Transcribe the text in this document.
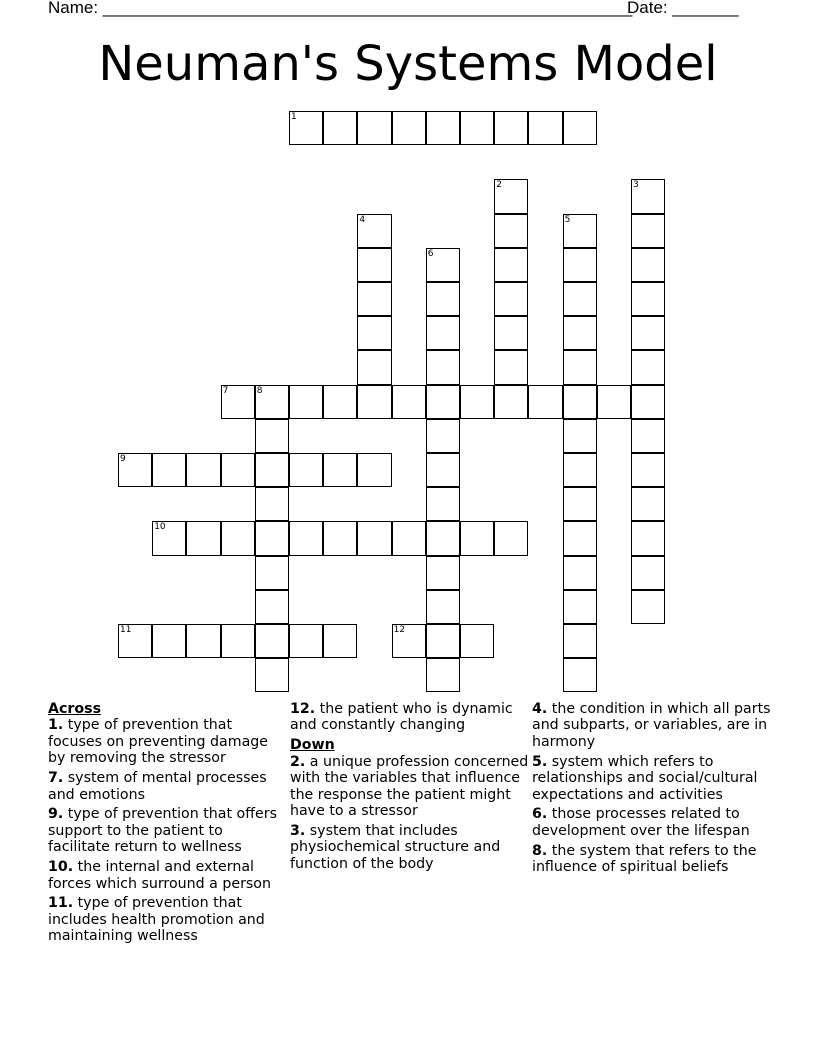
Name: ________________________________________________________
Date: _______
Neuman's Systems Model
1
2	3
4	5
6
7	8
9
10
11	12
Across
1. type of prevention that focuses on preventing damage by removing the stressor
7. system of mental processes and emotions
9. type of prevention that offers support to the patient to facilitate return to wellness
10. the internal and external forces which surround a person
11. type of prevention that includes health promotion and maintaining wellness
12. the patient who is dynamic and constantly changing
Down
2. a unique profession concerned with the variables that influence the response the patient might have to a stressor
3. system that includes physiochemical structure and function of the body
4. the condition in which all parts and subparts, or variables, are in harmony
5. system which refers to relationships and social/cultural expectations and activities
6. those processes related to development over the lifespan
8. the system that refers to the influence of spiritual beliefs
